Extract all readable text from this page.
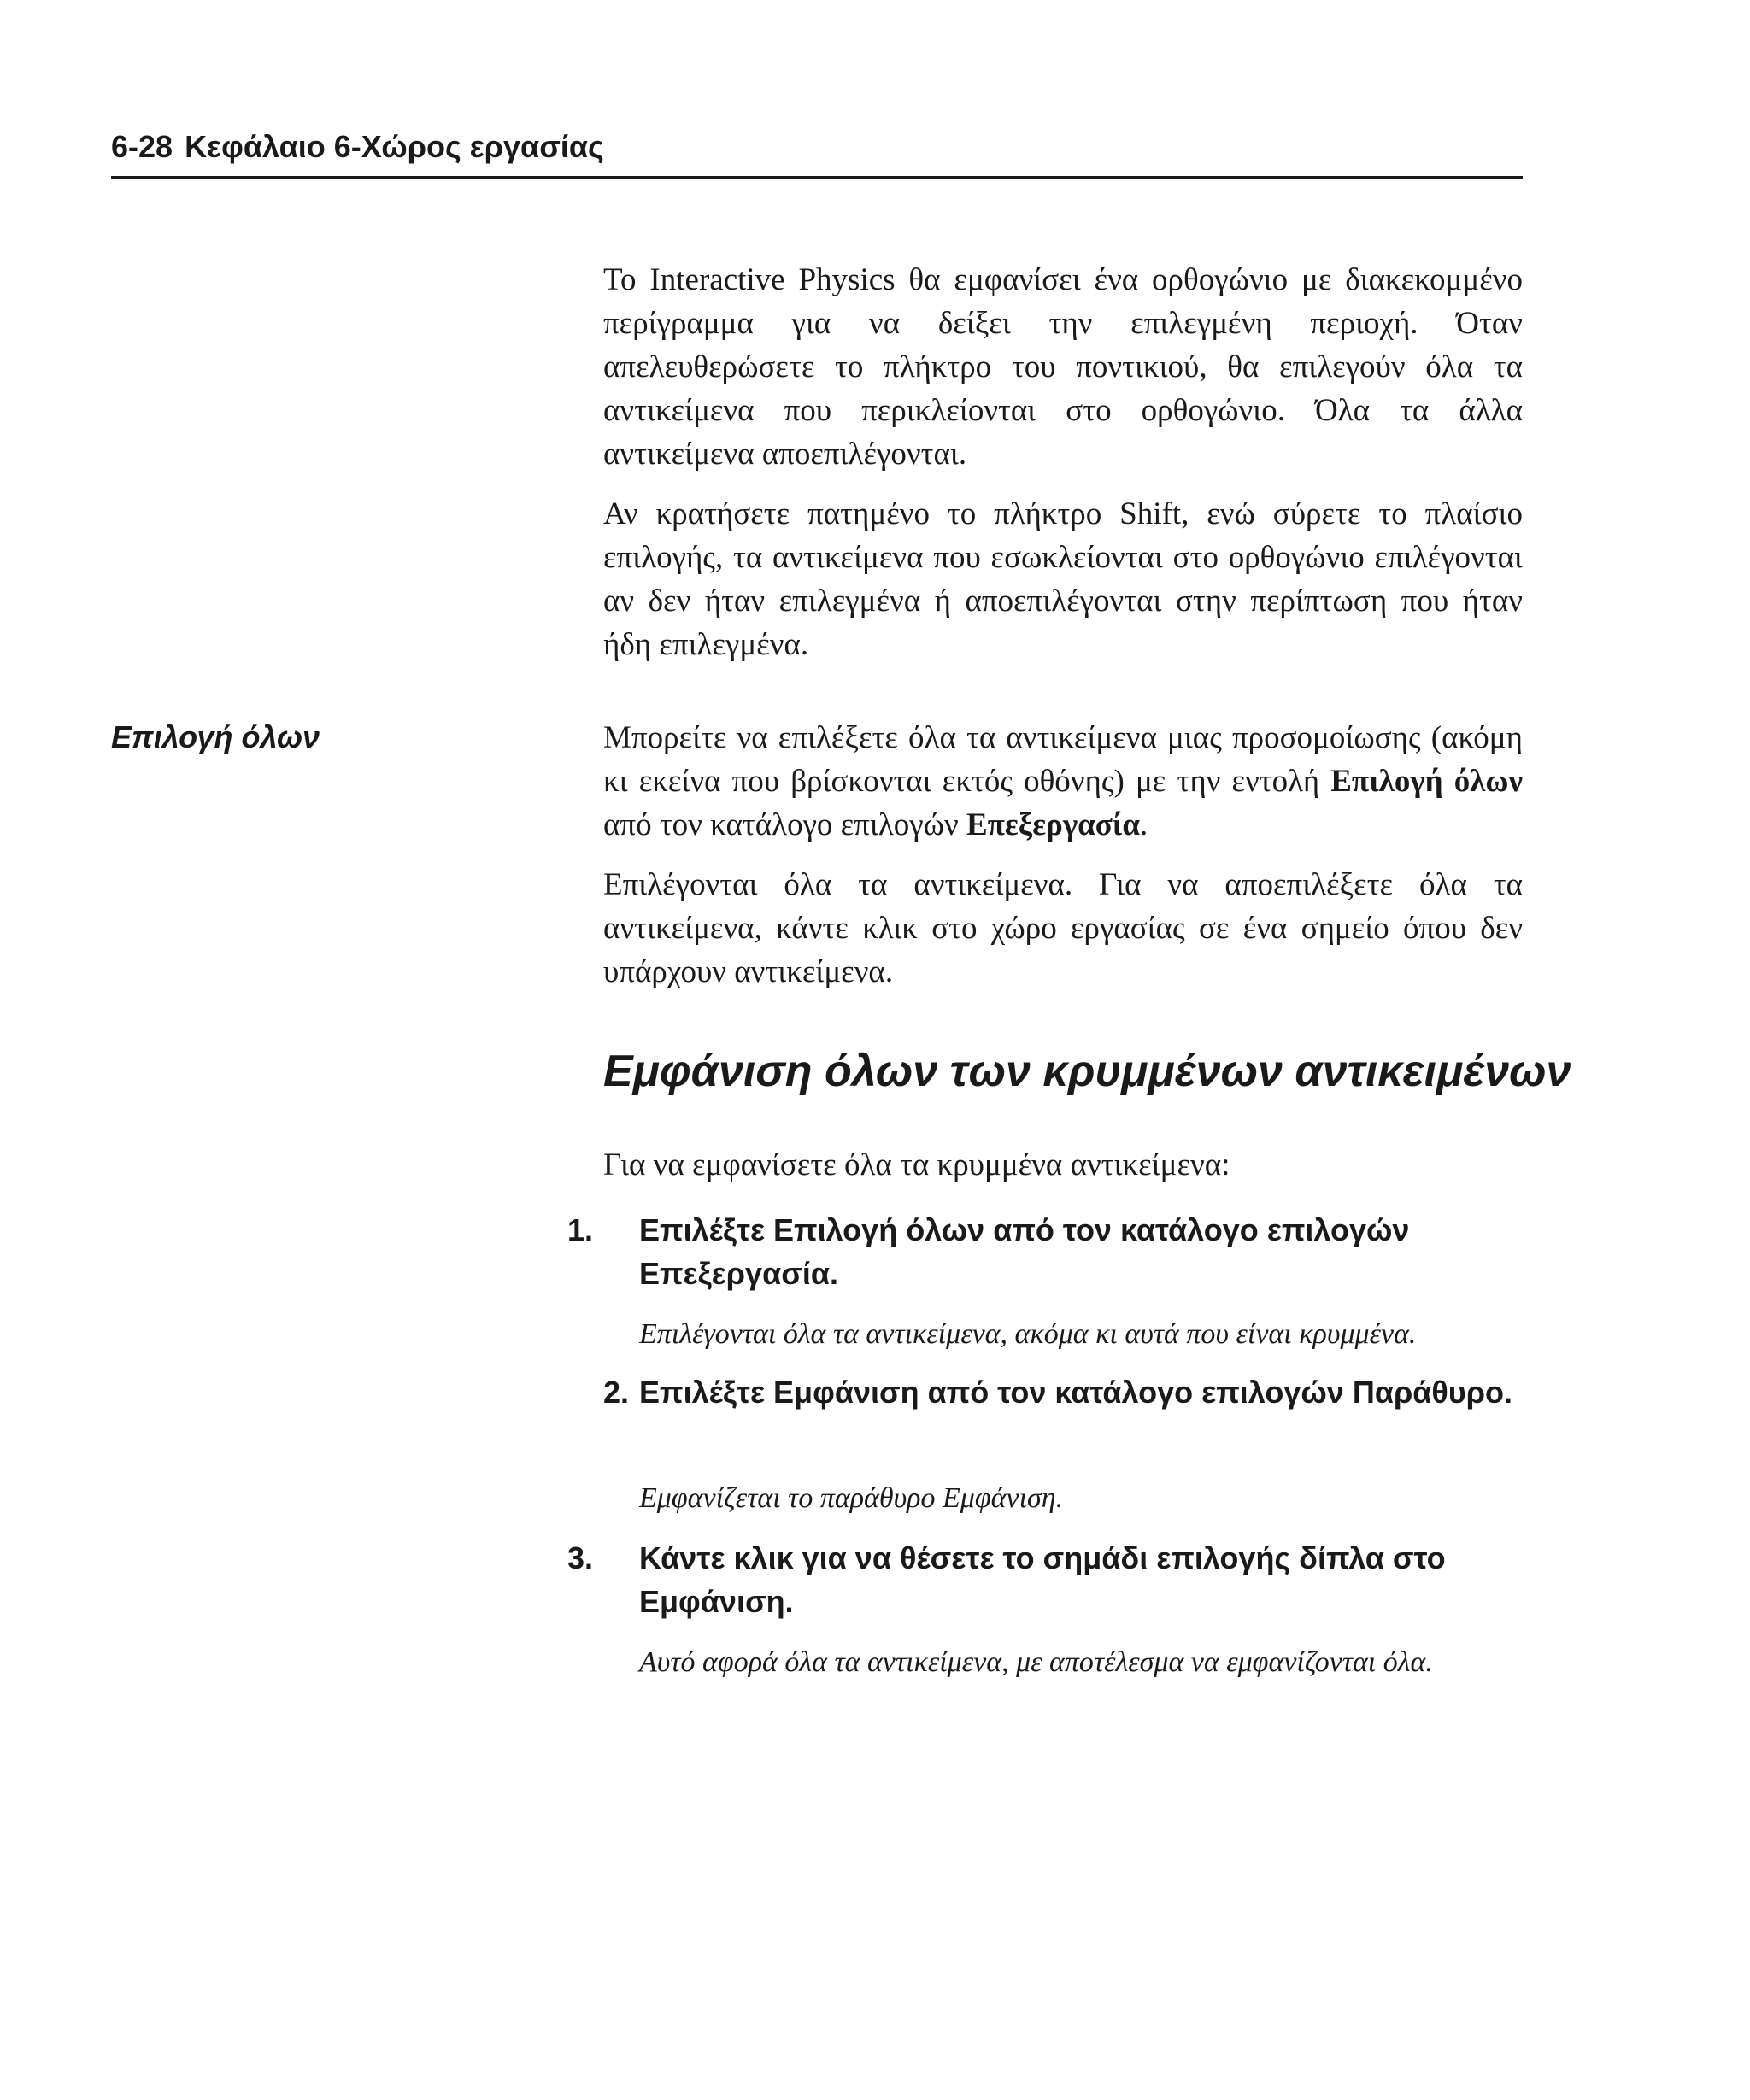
6-28 Κεφάλαιο 6-Χώρος εργασίας

Το Interactive Physics θα εμφανίσει ένα ορθογώνιο με διακεκομμένο περίγραμμα για να δείξει την επιλεγμένη περιοχή. Όταν απελευθερώσετε το πλήκτρο του ποντικιού, θα επιλεγούν όλα τα αντικείμενα που περικλείονται στο ορθογώνιο. Όλα τα άλλα αντικείμενα αποεπιλέγονται.

Αν κρατήσετε πατημένο το πλήκτρο Shift, ενώ σύρετε το πλαίσιο επιλογής, τα αντικείμενα που εσωκλείονται στο ορθογώνιο επιλέγονται αν δεν ήταν επιλεγμένα ή αποεπιλέγονται στην περίπτωση που ήταν ήδη επιλεγμένα.

Επιλογή όλων	Μπορείτε να επιλέξετε όλα τα αντικείμενα μιας προσομοίωσης (ακόμη κι εκείνα που βρίσκονται εκτός οθόνης) με την εντολή Επιλογή όλων από τον κατάλογο επιλογών Επεξεργασία.

Επιλέγονται όλα τα αντικείμενα. Για να αποεπιλέξετε όλα τα αντικείμενα, κάντε κλικ στο χώρο εργασίας σε ένα σημείο όπου δεν υπάρχουν αντικείμενα.

Εμφάνιση όλων των κρυμμένων αντικειμένων

Για να εμφανίσετε όλα τα κρυμμένα αντικείμενα:

1. Επιλέξτε Επιλογή όλων από τον κατάλογο επιλογών Επεξεργασία.

Επιλέγονται όλα τα αντικείμενα, ακόμα κι αυτά που είναι κρυμμένα.

2. Επιλέξτε Εμφάνιση από τον κατάλογο επιλογών Παράθυρο.

Εμφανίζεται το παράθυρο Εμφάνιση.

3. Κάντε κλικ για να θέσετε το σημάδι επιλογής δίπλα στο Εμφάνιση.

Αυτό αφορά όλα τα αντικείμενα, με αποτέλεσμα να εμφανίζονται όλα.
